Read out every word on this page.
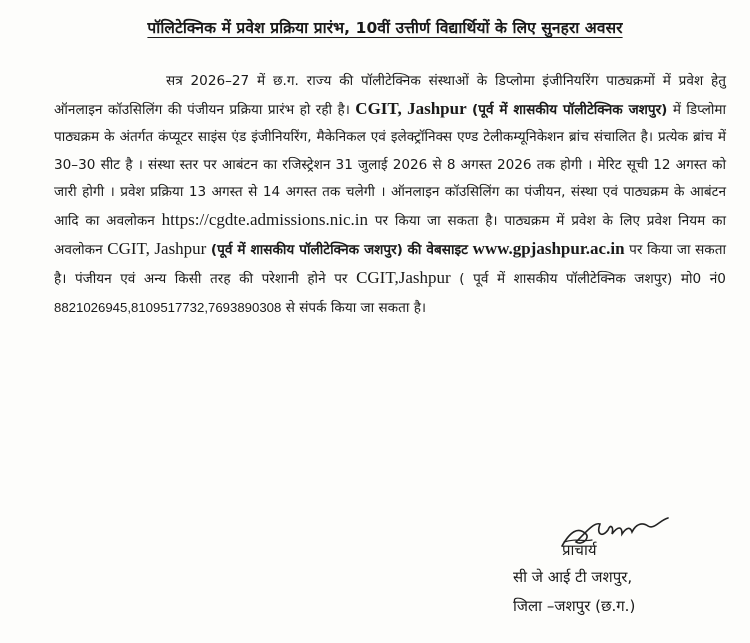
पॉलिटेक्निक में प्रवेश प्रक्रिया प्रारंभ, 10वीं उत्तीर्ण विद्यार्थियों के लिए सुनहरा अवसर
सत्र 2026–27 में छ.ग. राज्य की पॉलीटेक्निक संस्थाओं के डिप्लोमा इंजीनियरिंग पाठ्यक्रमों में प्रवेश हेतु ऑनलाइन कॉउसिलिंग की पंजीयन प्रक्रिया प्रारंभ हो रही है। CGIT, Jashpur (पूर्व में शासकीय पॉलीटेक्निक जशपुर) में डिप्लोमा पाठ्यक्रम के अंतर्गत कंप्यूटर साइंस एंड इंजीनियरिंग, मैकेनिकल एवं इलेक्ट्रॉनिक्स एण्ड टेलीकम्यूनिकेशन ब्रांच संचालित है। प्रत्येक ब्रांच में 30–30 सीट है । संस्था स्तर पर आबंटन का रजिस्ट्रेशन 31 जुलाई 2026 से 8 अगस्त 2026 तक होगी । मेरिट सूची 12 अगस्त को जारी होगी । प्रवेश प्रक्रिया 13 अगस्त से 14 अगस्त तक चलेगी । ऑनलाइन कॉउसिलिंग का पंजीयन, संस्था एवं पाठ्यक्रम के आबंटन आदि का अवलोकन https://cgdte.admissions.nic.in पर किया जा सकता है। पाठ्यक्रम में प्रवेश के लिए प्रवेश नियम का अवलोकन CGIT, Jashpur (पूर्व में शासकीय पॉलीटेक्निक जशपुर) की वेबसाइट www.gpjashpur.ac.in पर किया जा सकता है। पंजीयन एवं अन्य किसी तरह की परेशानी होने पर CGIT,Jashpur ( पूर्व में शासकीय पॉलीटेक्निक जशपुर) मो0 नं0 8821026945,8109517732,7693890308 से संपर्क किया जा सकता है।
प्राचार्य
सी जे आई टी जशपुर,
जिला –जशपुर (छ.ग.)
